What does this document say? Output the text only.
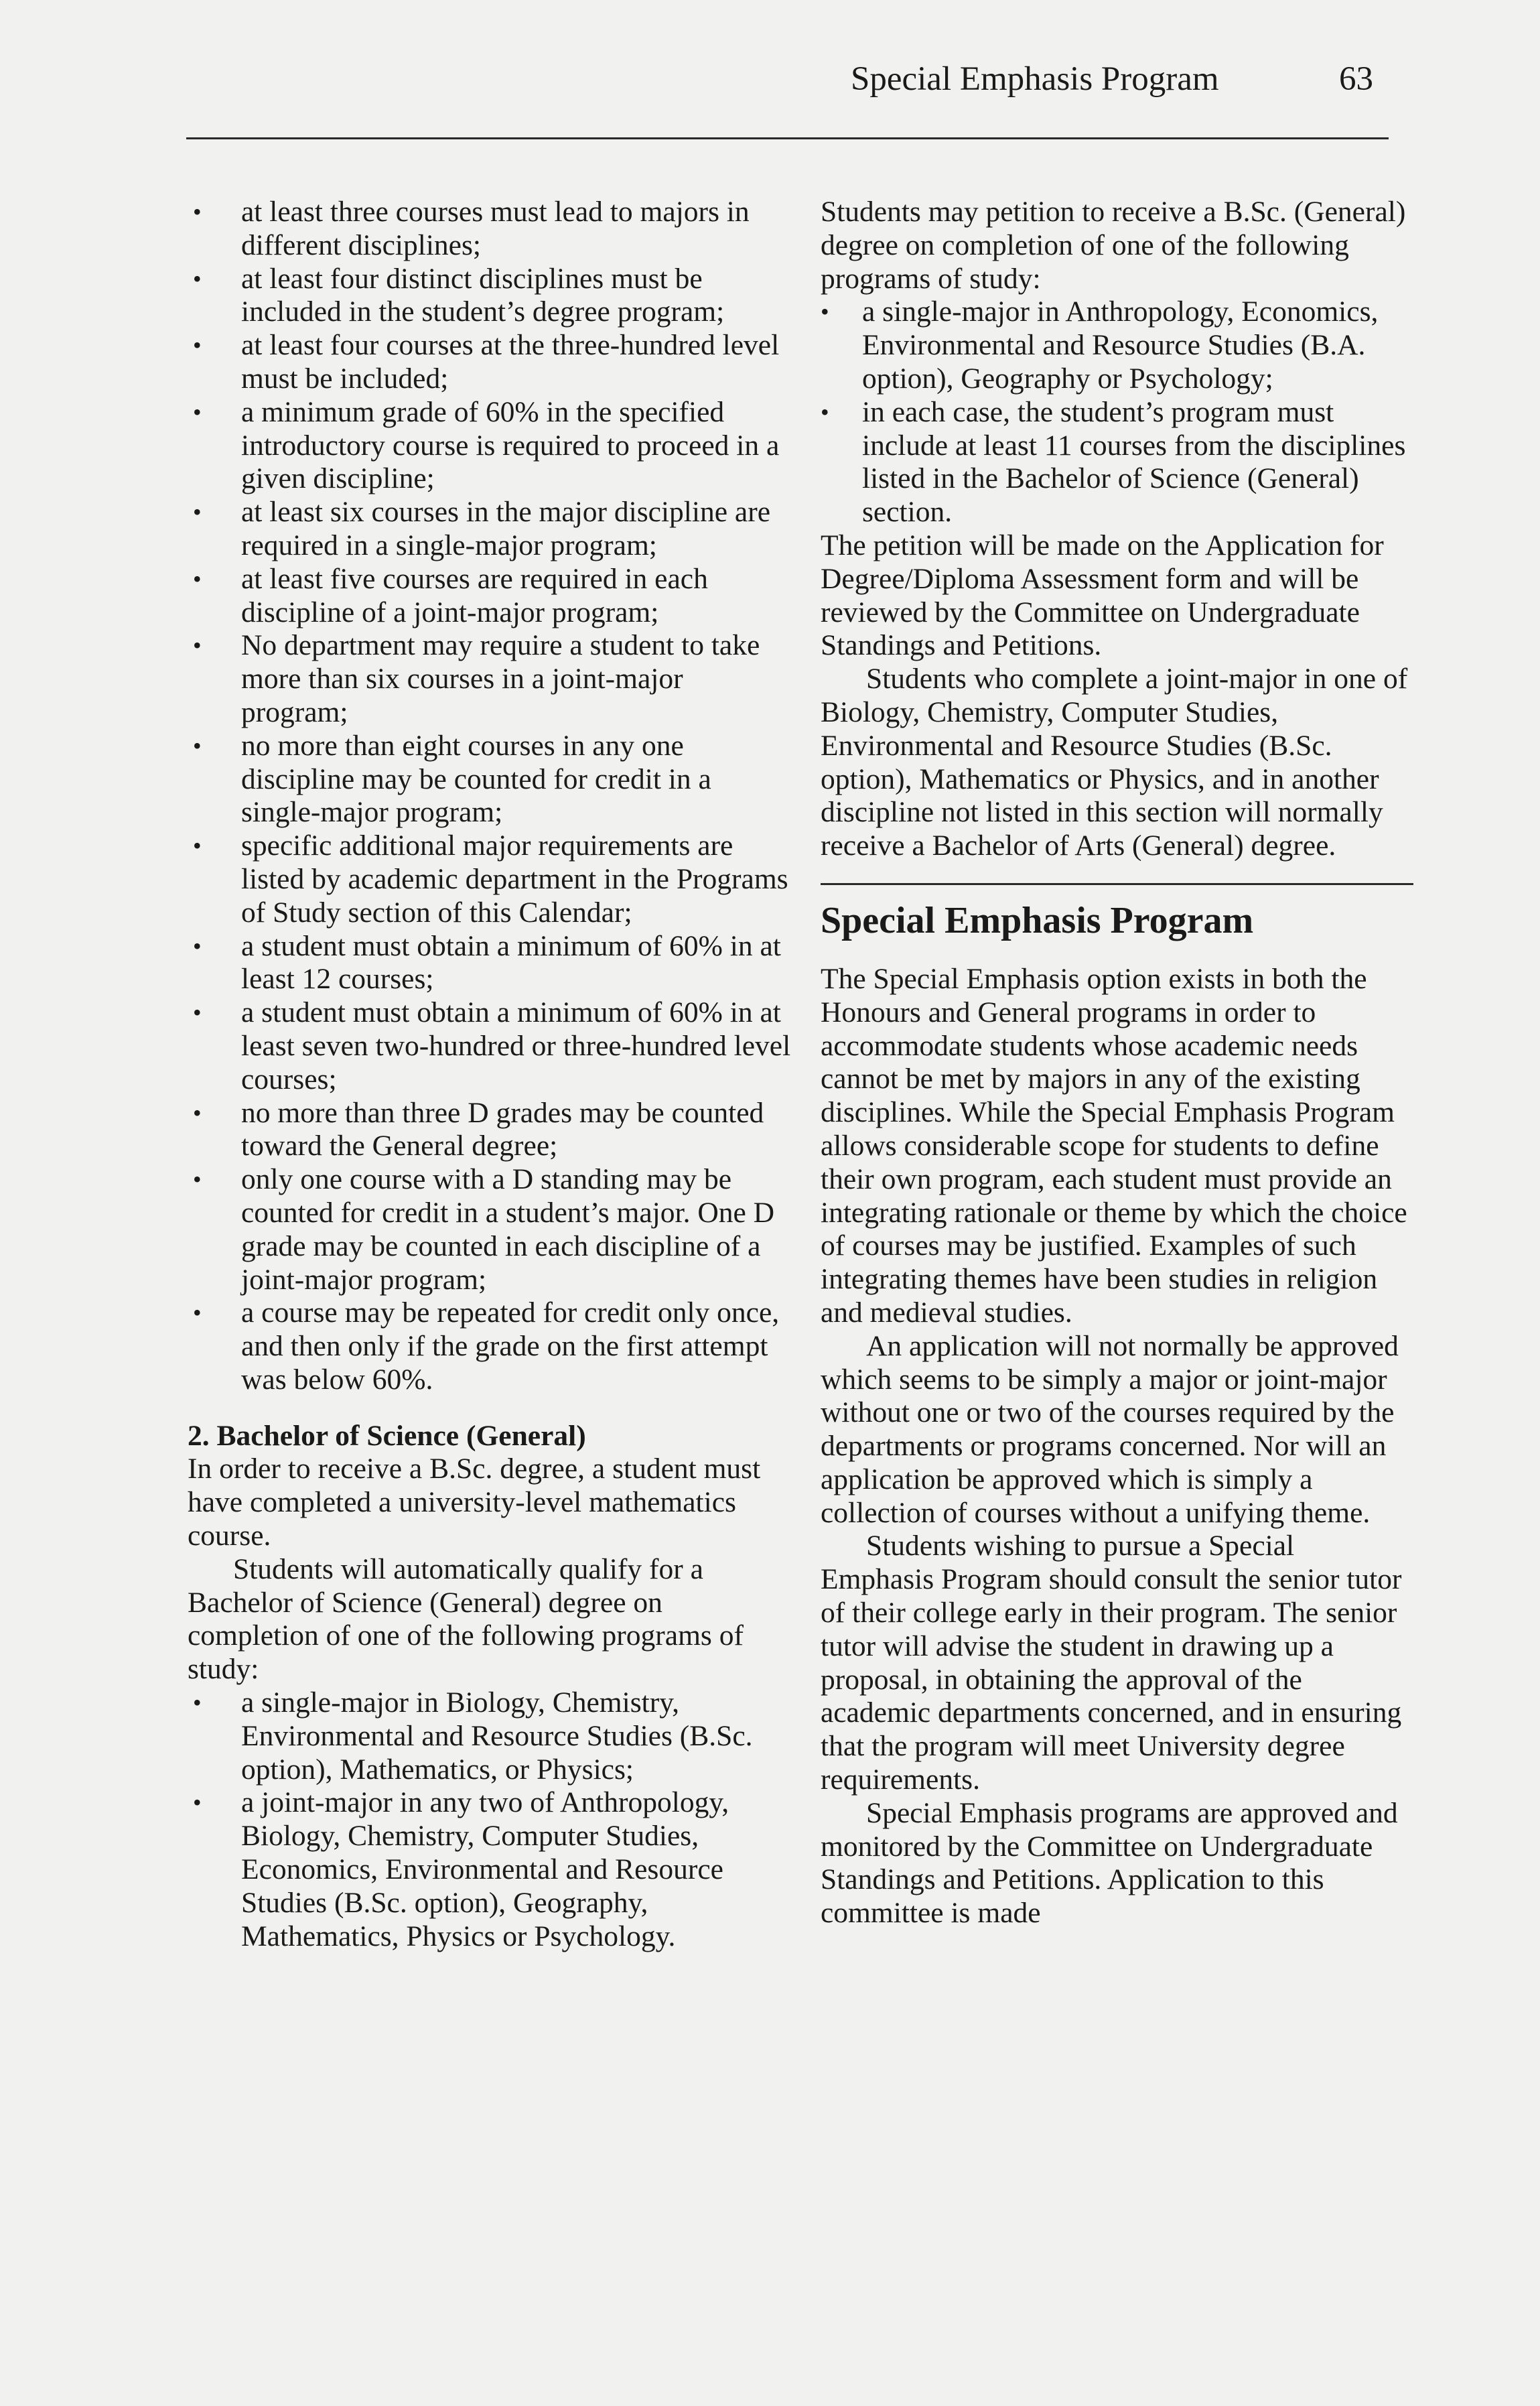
Special Emphasis Program	63
• at least three courses must lead to majors in different disciplines;
• at least four distinct disciplines must be included in the student’s degree program;
• at least four courses at the three-hundred level must be included;
• a minimum grade of 60% in the specified introductory course is required to proceed in a given discipline;
• at least six courses in the major discipline are required in a single-major program;
• at least five courses are required in each discipline of a joint-major program;
• No department may require a student to take more than six courses in a joint-major program;
• no more than eight courses in any one discipline may be counted for credit in a single-major program;
• specific additional major requirements are listed by academic department in the Programs of Study section of this Calendar;
• a student must obtain a minimum of 60% in at least 12 courses;
• a student must obtain a minimum of 60% in at least seven two-hundred or three-hundred level courses;
• no more than three D grades may be counted toward the General degree;
• only one course with a D standing may be counted for credit in a student’s major. One D grade may be counted in each discipline of a joint-major program;
• a course may be repeated for credit only once, and then only if the grade on the first attempt was below 60%.

2. Bachelor of Science (General)

In order to receive a B.Sc. degree, a student must have completed a university-level mathematics course.

Students will automatically qualify for a Bachelor of Science (General) degree on completion of one of the following programs of study:

• a single-major in Biology, Chemistry, Environmental and Resource Studies (B.Sc. option), Mathematics, or Physics;
• a joint-major in any two of Anthropology, Biology, Chemistry, Computer Studies, Economics, Environmental and Resource Studies (B.Sc. option), Geography, Mathematics, Physics or Psychology.

Students may petition to receive a B.Sc. (General) degree on completion of one of the following programs of study:

• a single-major in Anthropology, Economics, Environmental and Resource Studies (B.A. option), Geography or Psychology;
• in each case, the student’s program must include at least 11 courses from the disciplines listed in the Bachelor of Science (General) section.

The petition will be made on the Application for Degree/Diploma Assessment form and will be reviewed by the Committee on Undergraduate Standings and Petitions.

Students who complete a joint-major in one of Biology, Chemistry, Computer Studies, Environmental and Resource Studies (B.Sc. option), Mathematics or Physics, and in another discipline not listed in this section will normally receive a Bachelor of Arts (General) degree.

Special Emphasis Program

The Special Emphasis option exists in both the Honours and General programs in order to accommodate students whose academic needs cannot be met by majors in any of the existing disciplines. While the Special Emphasis Program allows considerable scope for students to define their own program, each student must provide an integrating rationale or theme by which the choice of courses may be justified. Examples of such integrating themes have been studies in religion and medieval studies.

An application will not normally be approved which seems to be simply a major or joint-major without one or two of the courses required by the departments or programs concerned. Nor will an application be approved which is simply a collection of courses without a unifying theme.

Students wishing to pursue a Special Emphasis Program should consult the senior tutor of their college early in their program. The senior tutor will advise the student in drawing up a proposal, in obtaining the approval of the academic departments concerned, and in ensuring that the program will meet University degree requirements.

Special Emphasis programs are approved and monitored by the Committee on Undergraduate Standings and Petitions. Application to this committee is made
